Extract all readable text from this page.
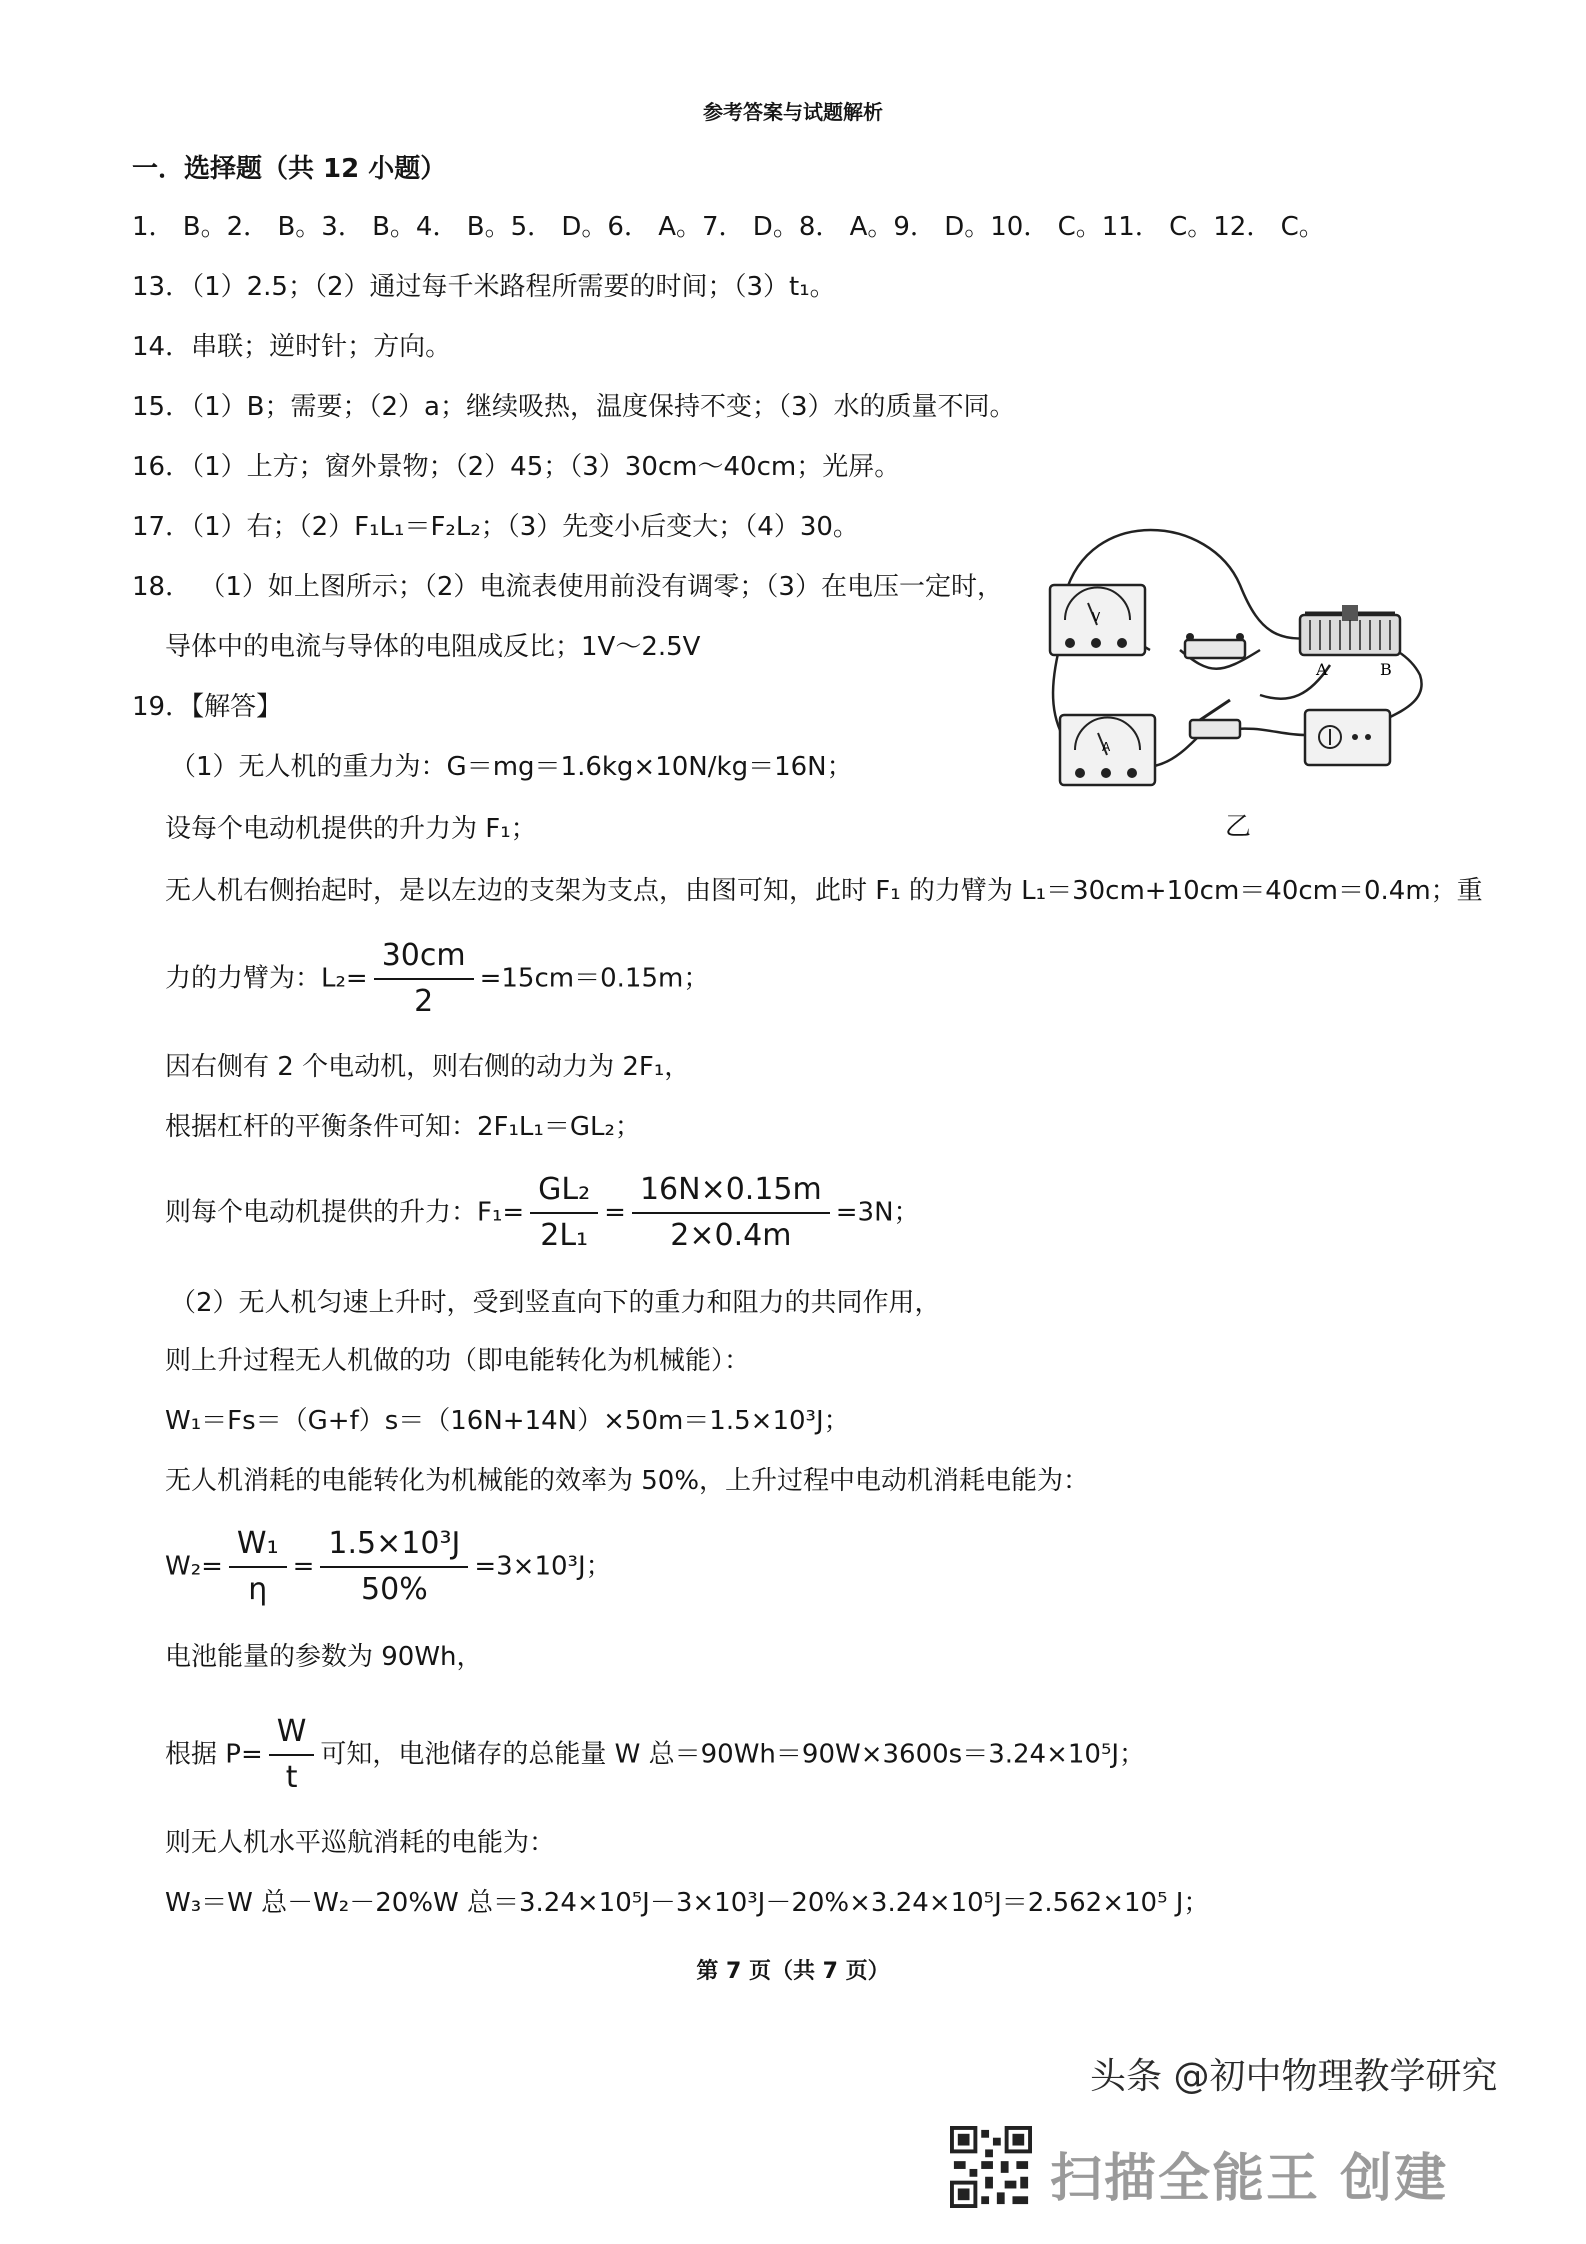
参考答案与试题解析
一．选择题（共 12 小题）
1． B。2． B。3． B。4． B。5． D。6． A。7． D。8． A。9． D。10． C。11． C。12． C。
13．（1）2.5；（2）通过每千米路程所需要的时间；（3）t₁。
14．串联；逆时针；方向。
15．（1）B；需要；（2）a；继续吸热，温度保持不变；（3）水的质量不同。
16．（1）上方；窗外景物；（2）45；（3）30cm～40cm；光屏。
17．（1）右；（2）F₁L₁＝F₂L₂；（3）先变小后变大；（4）30。
18． （1）如上图所示；（2）电流表使用前没有调零；（3）在电压一定时，
导体中的电流与导体的电阻成反比；1V～2.5V
19．【解答】
（1）无人机的重力为：G＝mg＝1.6kg×10N/kg＝16N；
设每个电动机提供的升力为 F₁；
无人机右侧抬起时，是以左边的支架为支点，由图可知，此时 F₁ 的力臂为 L₁＝30cm+10cm＝40cm＝0.4m；重
力的力臂为：$L_2= \frac{30cm}{2} =15cm=0.15m$；
因右侧有 2 个电动机，则右侧的动力为 2F₁，
根据杠杆的平衡条件可知：2F₁L₁＝GL₂；
则每个电动机提供的升力：$F_1= \frac{\text{GL₂}}{\text{2L₁}} = \frac{16N\times 0.15m}{2\times 0.4m} =3N$；
（2）无人机匀速上升时，受到竖直向下的重力和阻力的共同作用，
则上升过程无人机做的功（即电能转化为机械能）：
W₁＝Fs＝（G+f）s＝（16N+14N）×50m＝1.5×10³J；
无人机消耗的电能转化为机械能的效率为 50%，上升过程中电动机消耗电能为：
$W_2= \frac{\text{W₁}}{\eta} = \frac{\text{1.5×10³J}}{50\%} =3\times 10^3J$；
电池能量的参数为 90Wh，
根据 $P= \frac{W}{t}$ 可知，电池储存的总能量 W 总＝90Wh＝90W×3600s＝3.24×10⁵J；
则无人机水平巡航消耗的电能为：
W₃＝W 总－W₂－20%W 总＝3.24×10⁵J－3×10³J－20%×3.24×10⁵J＝2.562×10⁵ J；
V
A
A	B
乙
第 7 页（共 7 页）
头条 @初中物理教学研究
扫描全能王 创建
